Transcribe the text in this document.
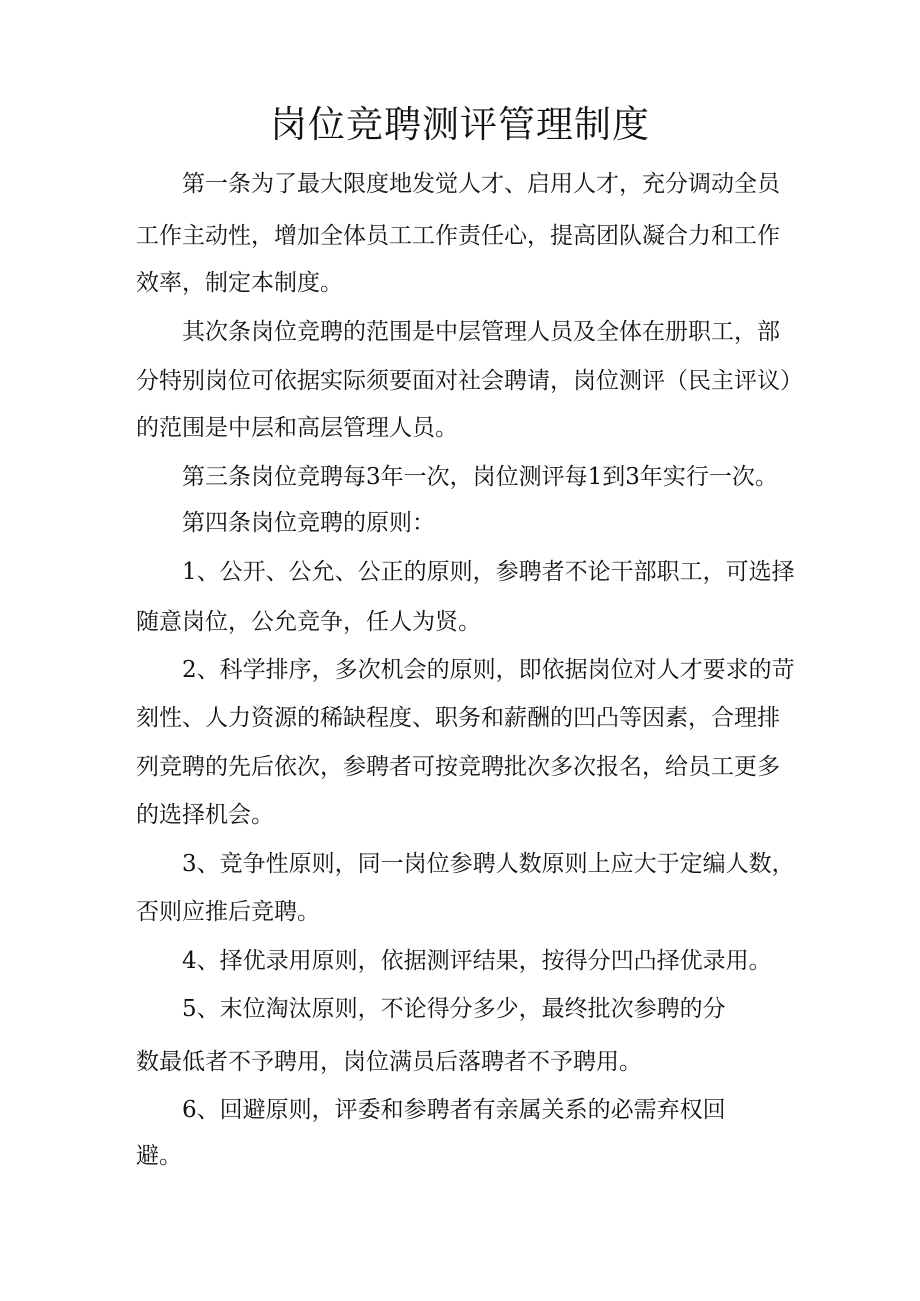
岗位竞聘测评管理制度

第一条为了最大限度地发觉人才、启用人才，充分调动全员

工作主动性，增加全体员工工作责任心，提高团队凝合力和工作

效率，制定本制度。

其次条岗位竞聘的范围是中层管理人员及全体在册职工，部

分特别岗位可依据实际须要面对社会聘请，岗位测评（民主评议）

的范围是中层和高层管理人员。

第三条岗位竞聘每3年一次，岗位测评每1到3年实行一次。

第四条岗位竞聘的原则：

1、公开、公允、公正的原则，参聘者不论干部职工，可选择

随意岗位，公允竞争，任人为贤。

2、科学排序，多次机会的原则，即依据岗位对人才要求的苛

刻性、人力资源的稀缺程度、职务和薪酬的凹凸等因素，合理排

列竞聘的先后依次，参聘者可按竞聘批次多次报名，给员工更多

的选择机会。

3、竞争性原则，同一岗位参聘人数原则上应大于定编人数，

否则应推后竞聘。

4、择优录用原则，依据测评结果，按得分凹凸择优录用。

5、末位淘汰原则，不论得分多少，最终批次参聘的分

数最低者不予聘用，岗位满员后落聘者不予聘用。

6、回避原则，评委和参聘者有亲属关系的必需弃权回

避。
